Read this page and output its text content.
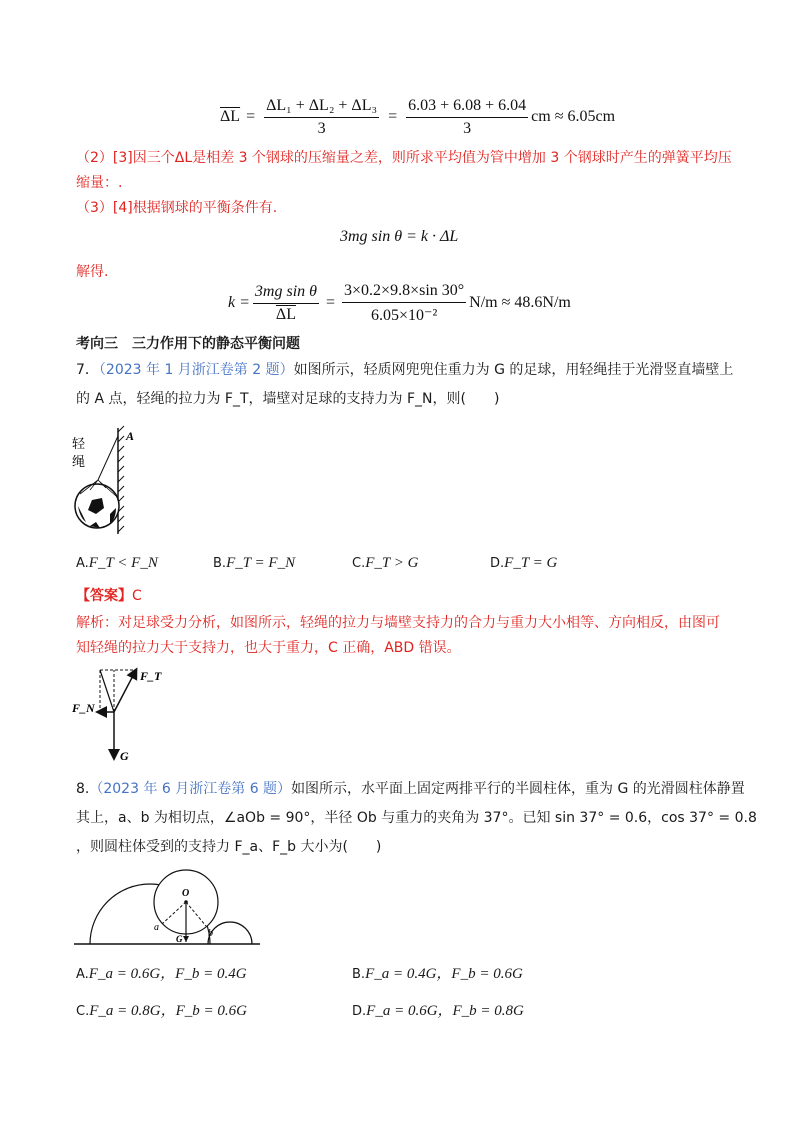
$\overline{\Delta L} = \frac{\text{ΔL₁ + ΔL₂ + ΔL₃}}{3} = \frac{6.03 + 6.08 + 6.04}{3}$ cm ≈ 6.05cm
（2）[3]因三个ΔL是相差 3 个钢球的压缩量之差，则所求平均值为管中增加 3 个钢球时产生的弹簧平均压
缩量：.
（3）[4]根据钢球的平衡条件有.
3mg sin θ = k · ΔL
解得.
$k = \frac{\text{3mg sin θ}}{\Delta L} = \frac{3\times 0.2\times 9.8\times\sin 30^\circ}{\text{6.05×10⁻²}} N/m \approx 48.6N/m$
考向三　三力作用下的静态平衡问题
7．（2023 年 1 月浙江卷第 2 题）如图所示，轻质网兜兜住重力为 G 的足球，用轻绳挂于光滑竖直墙壁上
的 A 点，轻绳的拉力为 F_T，墙壁对足球的支持力为 F_N，则(　　)
轻
绳
A
A.F_T < F_N	B.F_T = F_N	C.F_T > G	D.F_T = G
【答案】C
解析：对足球受力分析，如图所示，轻绳的拉力与墙壁支持力的合力与重力大小相等、方向相反，由图可
知轻绳的拉力大于支持力，也大于重力，C 正确，ABD 错误。
F_T
F_N
G
8.（2023 年 6 月浙江卷第 6 题）如图所示，水平面上固定两排平行的半圆柱体，重为 G 的光滑圆柱体静置
其上，a、b 为相切点，∠aOb = 90°，半径 Ob 与重力的夹角为 37°。已知 sin 37° = 0.6，cos 37° = 0.8
，则圆柱体受到的支持力 F_a、F_b 大小为(　　)
O
a
b
G
A.F_a = 0.6G，F_b = 0.4G	B.F_a = 0.4G，F_b = 0.6G
C.F_a = 0.8G，F_b = 0.6G	D.F_a = 0.6G，F_b = 0.8G
